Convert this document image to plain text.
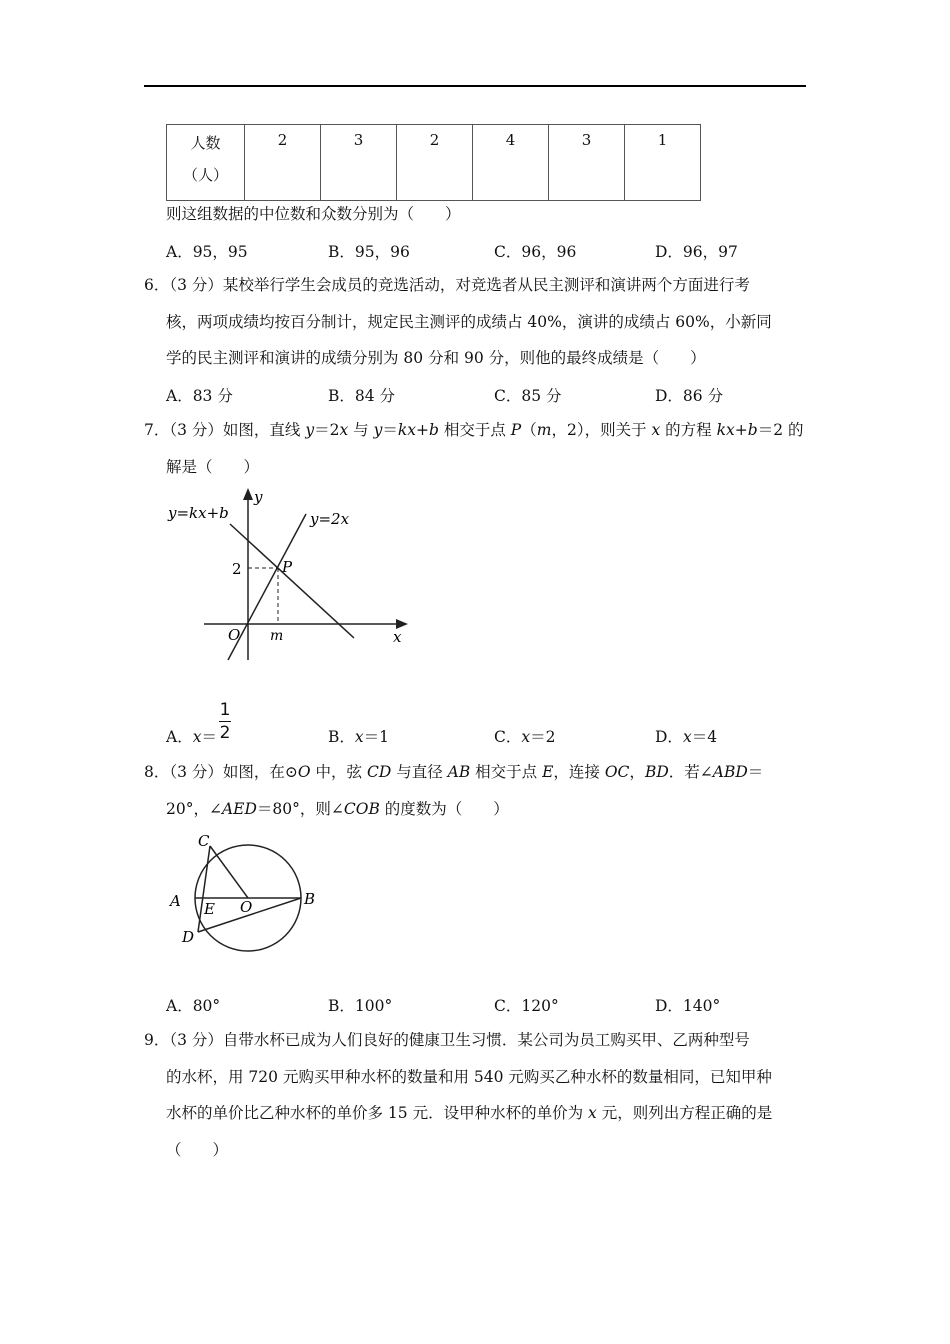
人数
（人）
	2	3	2	4	3	1
则这组数据的中位数和众数分别为（　　）
A．95，95	B．95，96	C．96，96	D．96，97
6．（3 分）某校举行学生会成员的竞选活动，对竞选者从民主测评和演讲两个方面进行考
核，两项成绩均按百分制计，规定民主测评的成绩占 40%，演讲的成绩占 60%，小新同
学的民主测评和演讲的成绩分别为 80 分和 90 分，则他的最终成绩是（　　）
A．83 分	B．84 分	C．85 分	D．86 分
7．（3 分）如图，直线 y＝2x 与 y＝kx+b 相交于点 P（m，2），则关于 x 的方程 kx+b＝2 的
解是（　　）
y=kx+b	y=2x
y
x
2	P
O m
A．x＝
1
2	B．x＝1	C．x＝2	D．x＝4
8．（3 分）如图，在⊙O 中，弦 CD 与直径 AB 相交于点 E，连接 OC，BD．若∠ABD＝
20°，∠AED＝80°，则∠COB 的度数为（　　）
C
A	B
E O
D
A．80°	B．100°	C．120°	D．140°
9．（3 分）自带水杯已成为人们良好的健康卫生习惯．某公司为员工购买甲、乙两种型号
的水杯，用 720 元购买甲种水杯的数量和用 540 元购买乙种水杯的数量相同，已知甲种
水杯的单价比乙种水杯的单价多 15 元．设甲种水杯的单价为 x 元，则列出方程正确的是
（　　）
